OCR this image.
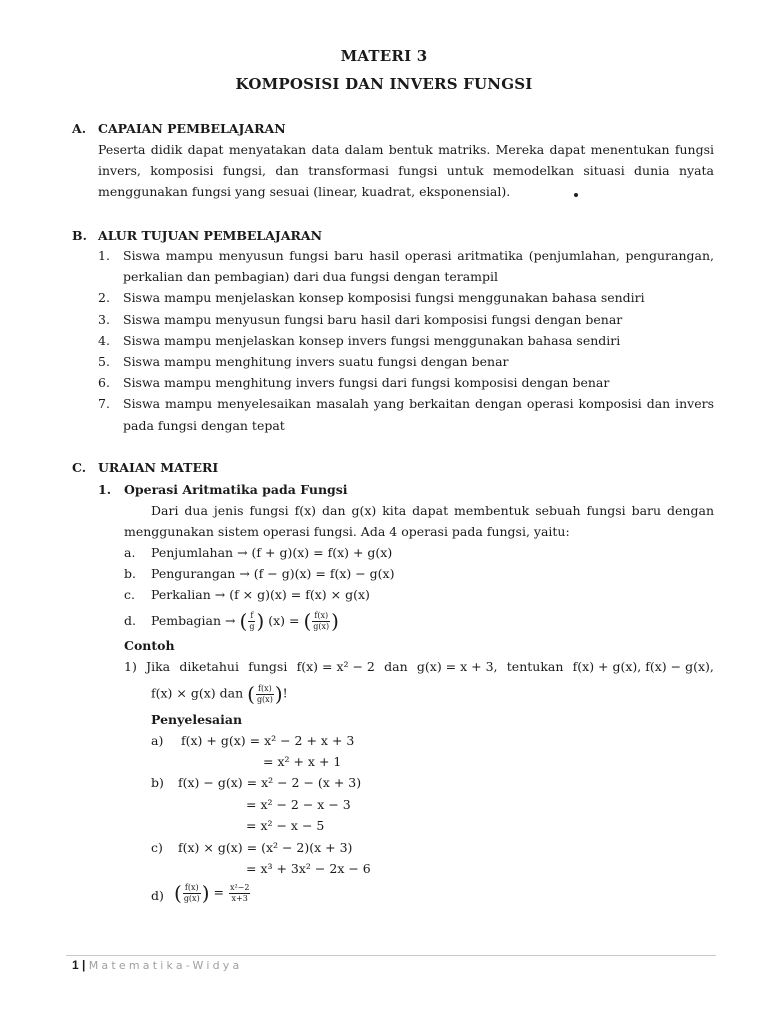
MATERI 3
KOMPOSISI DAN INVERS FUNGSI
A. CAPAIAN PEMBELAJARAN
Peserta didik dapat menyatakan data dalam bentuk matriks. Mereka dapat menentukan fungsi invers, komposisi fungsi, dan transformasi fungsi untuk memodelkan situasi dunia nyata menggunakan fungsi yang sesuai (linear, kuadrat, eksponensial).
B. ALUR TUJUAN PEMBELAJARAN
1. Siswa mampu menyusun fungsi baru hasil operasi aritmatika (penjumlahan, pengurangan, perkalian dan pembagian) dari dua fungsi dengan terampil
2. Siswa mampu menjelaskan konsep komposisi fungsi menggunakan bahasa sendiri
3. Siswa mampu menyusun fungsi baru hasil dari komposisi fungsi dengan benar
4. Siswa mampu menjelaskan konsep invers fungsi menggunakan bahasa sendiri
5. Siswa mampu menghitung invers suatu fungsi dengan benar
6. Siswa mampu menghitung invers fungsi dari fungsi komposisi dengan benar
7. Siswa mampu menyelesaikan masalah yang berkaitan dengan operasi komposisi dan invers pada fungsi dengan tepat
C. URAIAN MATERI
1. Operasi Aritmatika pada Fungsi
Dari dua jenis fungsi f(x) dan g(x) kita dapat membentuk sebuah fungsi baru dengan menggunakan sistem operasi fungsi. Ada 4 operasi pada fungsi, yaitu:
a. Penjumlahan → (f + g)(x) = f(x) + g(x)
b. Pengurangan → (f − g)(x) = f(x) − g(x)
c. Perkalian → (f × g)(x) = f(x) × g(x)
d. Pembagian → ( $\frac{f}{g}$ ) (x) = ( $\frac{f(x)}{g(x)}$ )
Contoh
1) Jika diketahui fungsi f(x) = x² − 2 dan g(x) = x + 3, tentukan f(x) + g(x), f(x) − g(x),
f(x) × g(x) dan ( $\frac{f(x)}{g(x)}$ )!
Penyelesaian
a) f(x) + g(x) = x² − 2 + x + 3
= x² + x + 1
b) f(x) − g(x) = x² − 2 − (x + 3)
= x² − 2 − x − 3
= x² − x − 5
c) f(x) × g(x) = (x² − 2)(x + 3)
= x³ + 3x² − 2x − 6
d) ( $\frac{f(x)}{g(x)}$ ) = $\frac{\text{x²−2}}{x+3}$
1 | Matematika-Widya
